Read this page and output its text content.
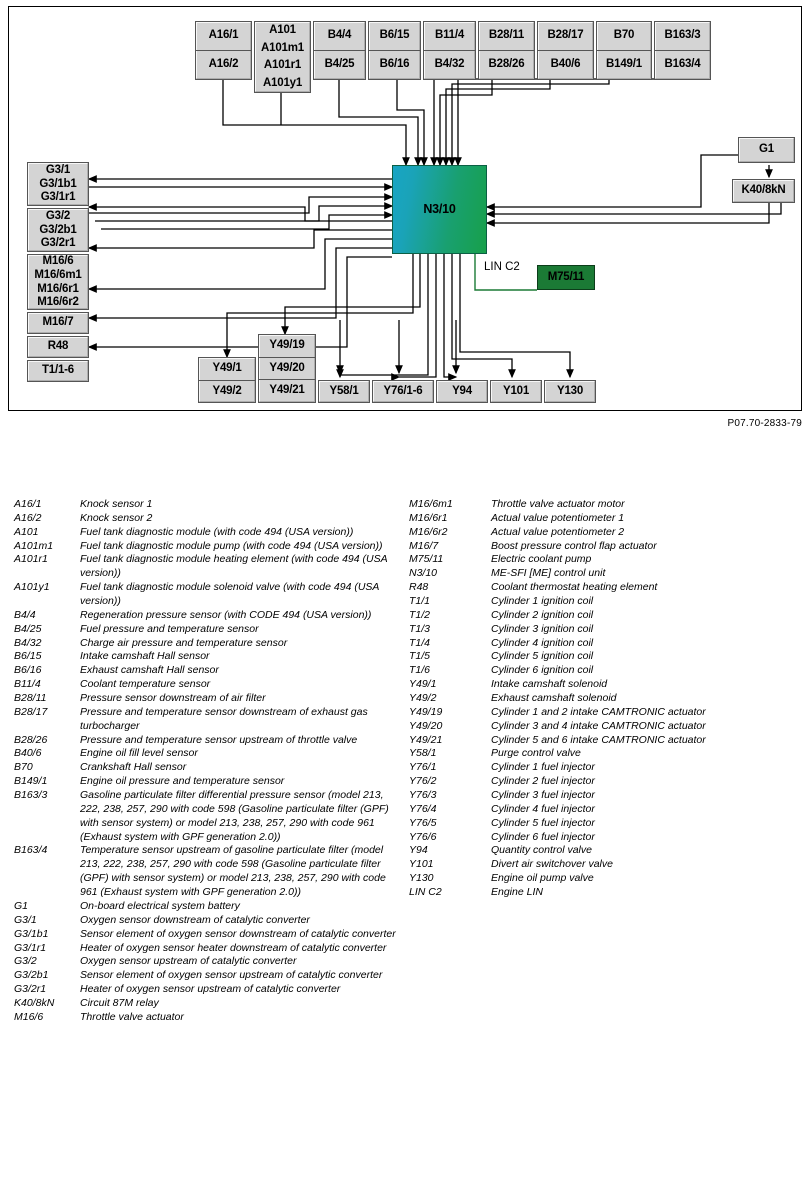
A16/1
A16/2
A101
A101m1
A101r1
A101y1
B4/4
B4/25
B6/15
B6/16
B11/4
B4/32
B28/11
B28/26
B28/17
B40/6
B70
B149/1
B163/3
B163/4
G3/1
G3/1b1
G3/1r1
G3/2
G3/2b1
G3/2r1
M16/6
M16/6m1
M16/6r1
M16/6r2
M16/7
R48
T1/1-6
N3/10
LIN C2
M75/11
G1
K40/8kN
Y49/1
Y49/2
Y49/19
Y49/20
Y49/21	Y58/1 Y76/1-6	Y94	Y101 Y130
P07.70-2833-79
A16/1	Knock sensor 1
A16/2	Knock sensor 2
A101	Fuel tank diagnostic module (with code 494 (USA version))
A101m1	Fuel tank diagnostic module pump (with code 494 (USA version))
A101r1	Fuel tank diagnostic module heating element (with code 494 (USA version))
A101y1	Fuel tank diagnostic module solenoid valve (with code 494 (USA version))
B4/4	Regeneration pressure sensor (with CODE 494 (USA version))
B4/25	Fuel pressure and temperature sensor
B4/32	Charge air pressure and temperature sensor
B6/15	Intake camshaft Hall sensor
B6/16	Exhaust camshaft Hall sensor
B11/4	Coolant temperature sensor
B28/11	Pressure sensor downstream of air filter
B28/17	Pressure and temperature sensor downstream of exhaust gas turbocharger
B28/26	Pressure and temperature sensor upstream of throttle valve
B40/6	Engine oil fill level sensor
B70	Crankshaft Hall sensor
B149/1	Engine oil pressure and temperature sensor
B163/3	Gasoline particulate filter differential pressure sensor (model 213, 222, 238, 257, 290 with code 598 (Gasoline particulate filter (GPF) with sensor system) or model 213, 238, 257, 290 with code 961 (Exhaust system with GPF generation 2.0))
B163/4	Temperature sensor upstream of gasoline particulate filter (model 213, 222, 238, 257, 290 with code 598 (Gasoline particulate filter (GPF) with sensor system) or model 213, 238, 257, 290 with code 961 (Exhaust system with GPF generation 2.0))
G1	On-board electrical system battery
G3/1	Oxygen sensor downstream of catalytic converter
G3/1b1	Sensor element of oxygen sensor downstream of catalytic converter
G3/1r1	Heater of oxygen sensor heater downstream of catalytic converter
G3/2	Oxygen sensor upstream of catalytic converter
G3/2b1	Sensor element of oxygen sensor upstream of catalytic converter
G3/2r1	Heater of oxygen sensor upstream of catalytic converter
K40/8kN	Circuit 87M relay
M16/6	Throttle valve actuator
M16/6m1	Throttle valve actuator motor
M16/6r1	Actual value potentiometer 1
M16/6r2	Actual value potentiometer 2
M16/7	Boost pressure control flap actuator
M75/11	Electric coolant pump
N3/10	ME-SFI [ME] control unit
R48	Coolant thermostat heating element
T1/1	Cylinder 1 ignition coil
T1/2	Cylinder 2 ignition coil
T1/3	Cylinder 3 ignition coil
T1/4	Cylinder 4 ignition coil
T1/5	Cylinder 5 ignition coil
T1/6	Cylinder 6 ignition coil
Y49/1	Intake camshaft solenoid
Y49/2	Exhaust camshaft solenoid
Y49/19	Cylinder 1 and 2 intake CAMTRONIC actuator
Y49/20	Cylinder 3 and 4 intake CAMTRONIC actuator
Y49/21	Cylinder 5 and 6 intake CAMTRONIC actuator
Y58/1	Purge control valve
Y76/1	Cylinder 1 fuel injector
Y76/2	Cylinder 2 fuel injector
Y76/3	Cylinder 3 fuel injector
Y76/4	Cylinder 4 fuel injector
Y76/5	Cylinder 5 fuel injector
Y76/6	Cylinder 6 fuel injector
Y94	Quantity control valve
Y101	Divert air switchover valve
Y130	Engine oil pump valve
LIN C2	Engine LIN
